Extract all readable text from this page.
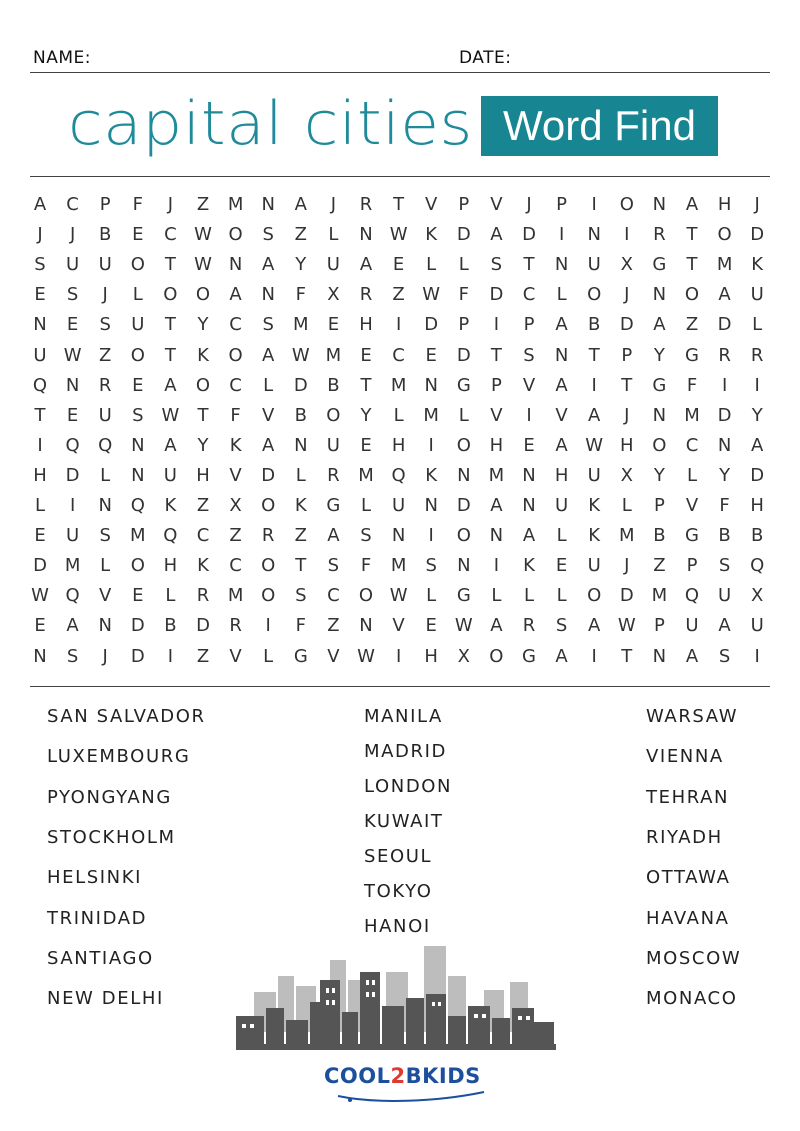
NAME:	DATE:
capital cities Word Find
A	C	P	F	J	Z	M	N	A	J	R	T	V	P	V	J	P	I	O	N	A	H	J
J	J	B	E	C W O	S	Z	L	N W K	D	A	D	I	N	I	R	T	O	D
S	U	U	O	T	W N	A	Y	U	A	E	L	L	S	T	N	U	X	G	T	M	K
E	S	J	L	O	O	A	N	F	X	R	Z W	F	D	C	L	O	J	N	O	A	U
N	E	S	U	T	Y	C	S	M	E	H	I	D	P	I	P	A	B	D	A	Z	D	L
U W Z	O	T	K	O	A W M	E	C	E	D	T	S	N	T	P	Y	G	R	R
Q	N	R	E	A	O	C	L	D	B	T	M	N	G	P	V	A	I	T	G	F	I	I
T	E	U	S W	T	F	V	B	O	Y	L	M	L	V	I	V	A	J	N	M D	Y
I	Q	Q	N	A	Y	K	A	N	U	E	H	I	O	H	E	A W H	O	C	N	A
H	D	L	N	U	H	V	D	L	R	M Q	K	N	M	N	H	U	X	Y	L	Y	D
L	I	N	Q	K	Z	X	O	K	G	L	U	N	D	A	N	U	K	L	P	V	F	H
E	U	S	M Q	C	Z	R	Z	A	S	N	I	O	N	A	L	K	M	B	G	B	B
D M	L	O	H	K	C	O	T	S	F	M	S	N	I	K	E	U	J	Z	P	S	Q
W Q	V	E	L	R	M O	S	C	O W	L	G	L	L	L	O	D M Q	U	X
E	A	N	D	B	D	R	I	F	Z	N	V	E	W A	R	S	A W	P	U	A	U
N	S	J	D	I	Z	V	L	G	V W	I	H	X	O	G	A	I	T	N	A	S	I
SAN SALVADOR
LUXEMBOURG
PYONGYANG
STOCKHOLM
HELSINKI
TRINIDAD
SANTIAGO
NEW DELHI
MANILA
MADRID
LONDON
KUWAIT
SEOUL
TOKYO
HANOI
WARSAW
VIENNA
TEHRAN
RIYADH
OTTAWA
HAVANA
MOSCOW
MONACO
COOL2BKIDS
